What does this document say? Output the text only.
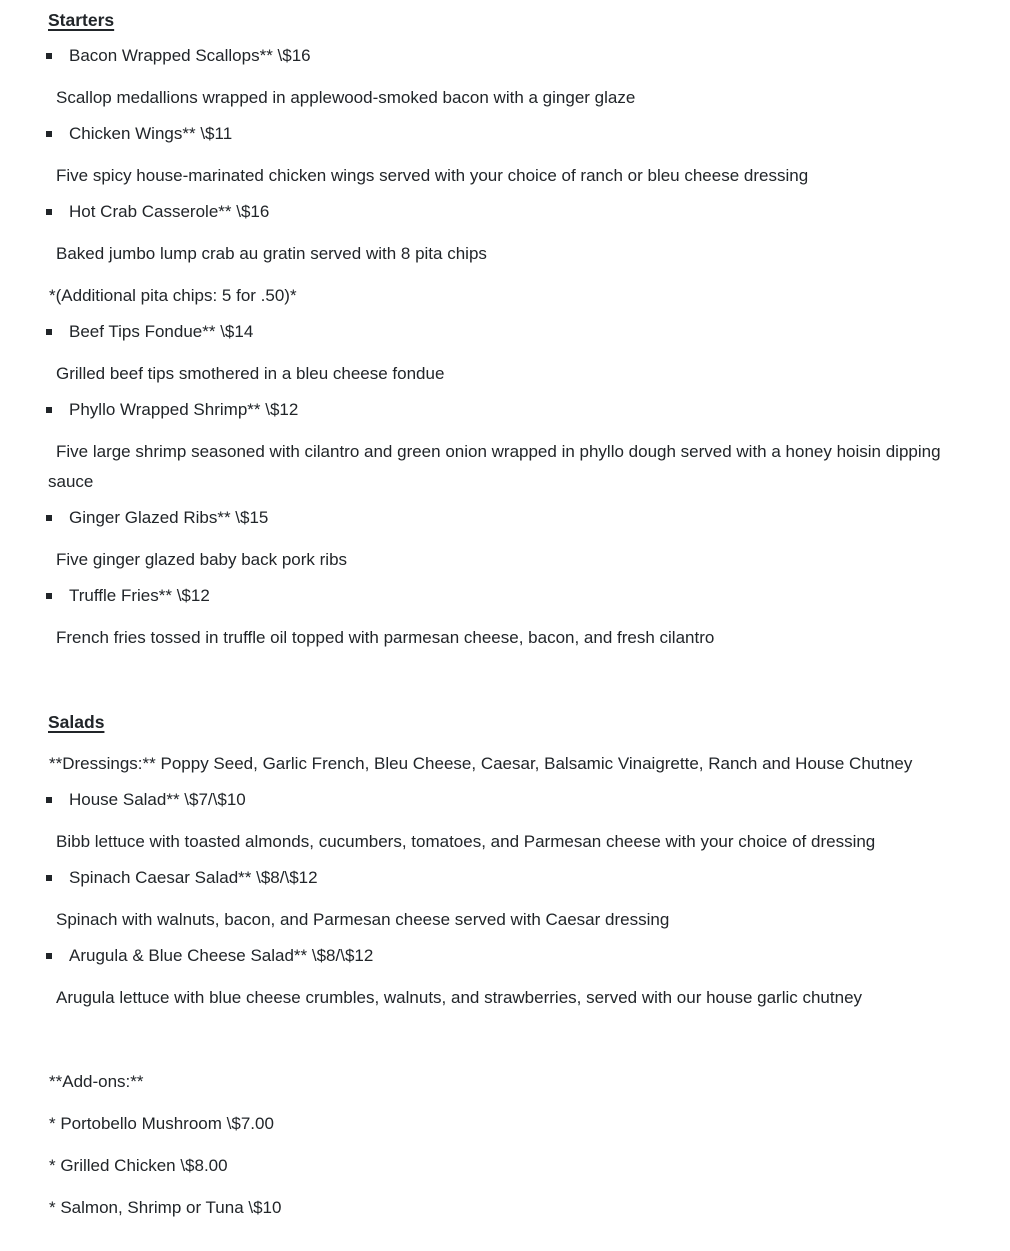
Starters
Bacon Wrapped Scallops** \$16

Scallop medallions wrapped in applewood-smoked bacon with a ginger glaze

Chicken Wings** \$11

Five spicy house-marinated chicken wings served with your choice of ranch or bleu cheese dressing

Hot Crab Casserole** \$16

Baked jumbo lump crab au gratin served with 8 pita chips

*(Additional pita chips: 5 for .50)*

Beef Tips Fondue** \$14

Grilled beef tips smothered in a bleu cheese fondue

Phyllo Wrapped Shrimp** \$12

Five large shrimp seasoned with cilantro and green onion wrapped in phyllo dough served with a honey hoisin dipping sauce

Ginger Glazed Ribs** \$15

Five ginger glazed baby back pork ribs

Truffle Fries** \$12

French fries tossed in truffle oil topped with parmesan cheese, bacon, and fresh cilantro

Salads

**Dressings:** Poppy Seed, Garlic French, Bleu Cheese, Caesar, Balsamic Vinaigrette, Ranch and House Chutney

House Salad** \$7/\$10

Bibb lettuce with toasted almonds, cucumbers, tomatoes, and Parmesan cheese with your choice of dressing

Spinach Caesar Salad** \$8/\$12

Spinach with walnuts, bacon, and Parmesan cheese served with Caesar dressing

Arugula & Blue Cheese Salad** \$8/\$12

Arugula lettuce with blue cheese crumbles, walnuts, and strawberries, served with our house garlic chutney

**Add-ons:**

* Portobello Mushroom \$7.00

* Grilled Chicken \$8.00

* Salmon, Shrimp or Tuna \$10
